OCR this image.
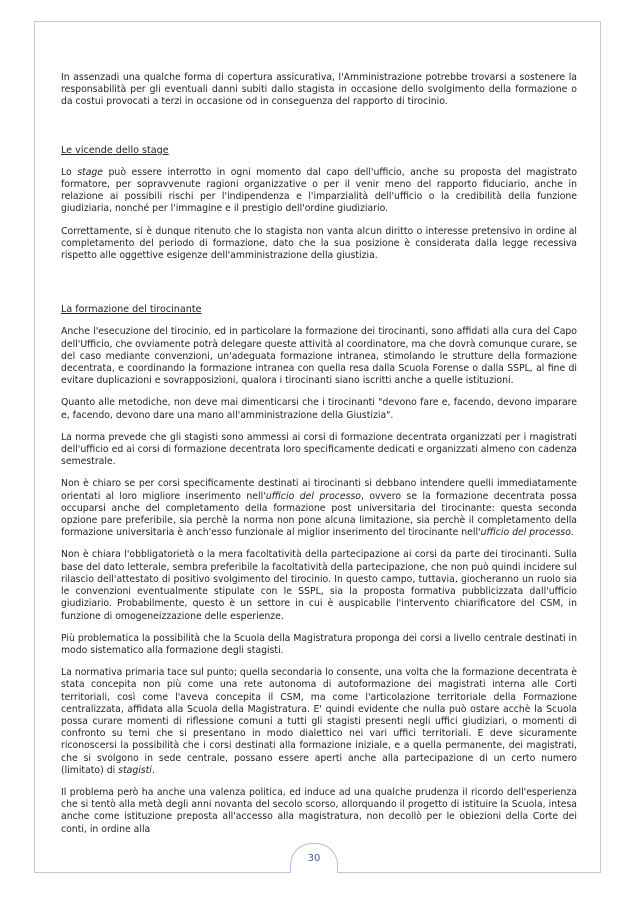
In assenzadi una qualche forma di copertura assicurativa, l'Amministrazione potrebbe trovarsi a sostenere la responsabilità per gli eventuali danni subiti dallo stagista in occasione dello svolgimento della formazione o da costui provocati a terzi in occasione od in conseguenza del rapporto di tirocinio.

Le vicende dello stage

Lo stage può essere interrotto in ogni momento dal capo dell'ufficio, anche su proposta del magistrato formatore, per sopravvenute ragioni organizzative o per il venir meno del rapporto fiduciario, anche in relazione ai possibili rischi per l'indipendenza e l'imparzialità dell'ufficio o la credibilità della funzione giudiziaria, nonché per l'immagine e il prestigio dell'ordine giudiziario.

Correttamente, si è dunque ritenuto che lo stagista non vanta alcun diritto o interesse pretensivo in ordine al completamento del periodo di formazione, dato che la sua posizione è considerata dalla legge recessiva rispetto alle oggettive esigenze dell'amministrazione della giustizia.

La formazione del tirocinante

Anche l'esecuzione del tirocinio, ed in particolare la formazione dei tirocinanti, sono affidati alla cura del Capo dell'Ufficio, che ovviamente potrà delegare queste attività al coordinatore, ma che dovrà comunque curare, se del caso mediante convenzioni, un'adeguata formazione intranea, stimolando le strutture della formazione decentrata, e coordinando la formazione intranea con quella resa dalla Scuola Forense o dalla SSPL, al fine di evitare duplicazioni e sovrapposizioni, qualora i tirocinanti siano iscritti anche a quelle istituzioni.

Quanto alle metodiche, non deve mai dimenticarsi che i tirocinanti "devono fare e, facendo, devono imparare e, facendo, devono dare una mano all'amministrazione della Giustizia".

La norma prevede che gli stagisti sono ammessi ai corsi di formazione decentrata organizzati per i magistrati dell'ufficio ed ai corsi di formazione decentrata loro specificamente dedicati e organizzati almeno con cadenza semestrale.

Non è chiaro se per corsi specificamente destinati ai tirocinanti si debbano intendere quelli immediatamente orientati al loro migliore inserimento nell'ufficio del processo, ovvero se la formazione decentrata possa occuparsi anche del completamento della formazione post universitaria del tirocinante: questa seconda opzione pare preferibile, sia perchè la norma non pone alcuna limitazione, sia perchè il completamento della formazione universitaria è anch'esso funzionale al miglior inserimento del tirocinante nell'ufficio del processo.

Non è chiara l'obbligatorietà o la mera facoltatività della partecipazione ai corsi da parte dei tirocinanti. Sulla base del dato letterale, sembra preferibile la facoltatività della partecipazione, che non può quindi incidere sul rilascio dell'attestato di positivo svolgimento del tirocinio. In questo campo, tuttavia, giocheranno un ruolo sia le convenzioni eventualmente stipulate con le SSPL, sia la proposta formativa pubblicizzata dall'ufficio giudiziario. Probabilmente, questo è un settore in cui è auspicabile l'intervento chiarificatore del CSM, in funzione di omogeneizzazione delle esperienze.

Più problematica la possibilità che la Scuola della Magistratura proponga dei corsi a livello centrale destinati in modo sistematico alla formazione degli stagisti.

La normativa primaria tace sul punto; quella secondaria lo consente, una volta che la formazione decentrata è stata concepita non più come una rete autonoma di autoformazione dei magistrati interna alle Corti territoriali, così come l'aveva concepita il CSM, ma come l'articolazione territoriale della Formazione centralizzata, affidata alla Scuola della Magistratura. E' quindi evidente che nulla può ostare acchè la Scuola possa curare momenti di riflessione comuni a tutti gli stagisti presenti negli uffici giudiziari, o momenti di confronto su temi che si presentano in modo dialettico nei vari uffici territoriali. E deve sicuramente riconoscersi la possibilità che i corsi destinati alla formazione iniziale, e a quella permanente, dei magistrati, che si svolgono in sede centrale, possano essere aperti anche alla partecipazione di un certo numero (limitato) di stagisti.

Il problema però ha anche una valenza politica, ed induce ad una qualche prudenza il ricordo dell'esperienza che si tentò alla metà degli anni novanta del secolo scorso, allorquando il progetto di istituire la Scuola, intesa anche come istituzione preposta all'accesso alla magistratura, non decollò per le obiezioni della Corte dei conti, in ordine alla

30
